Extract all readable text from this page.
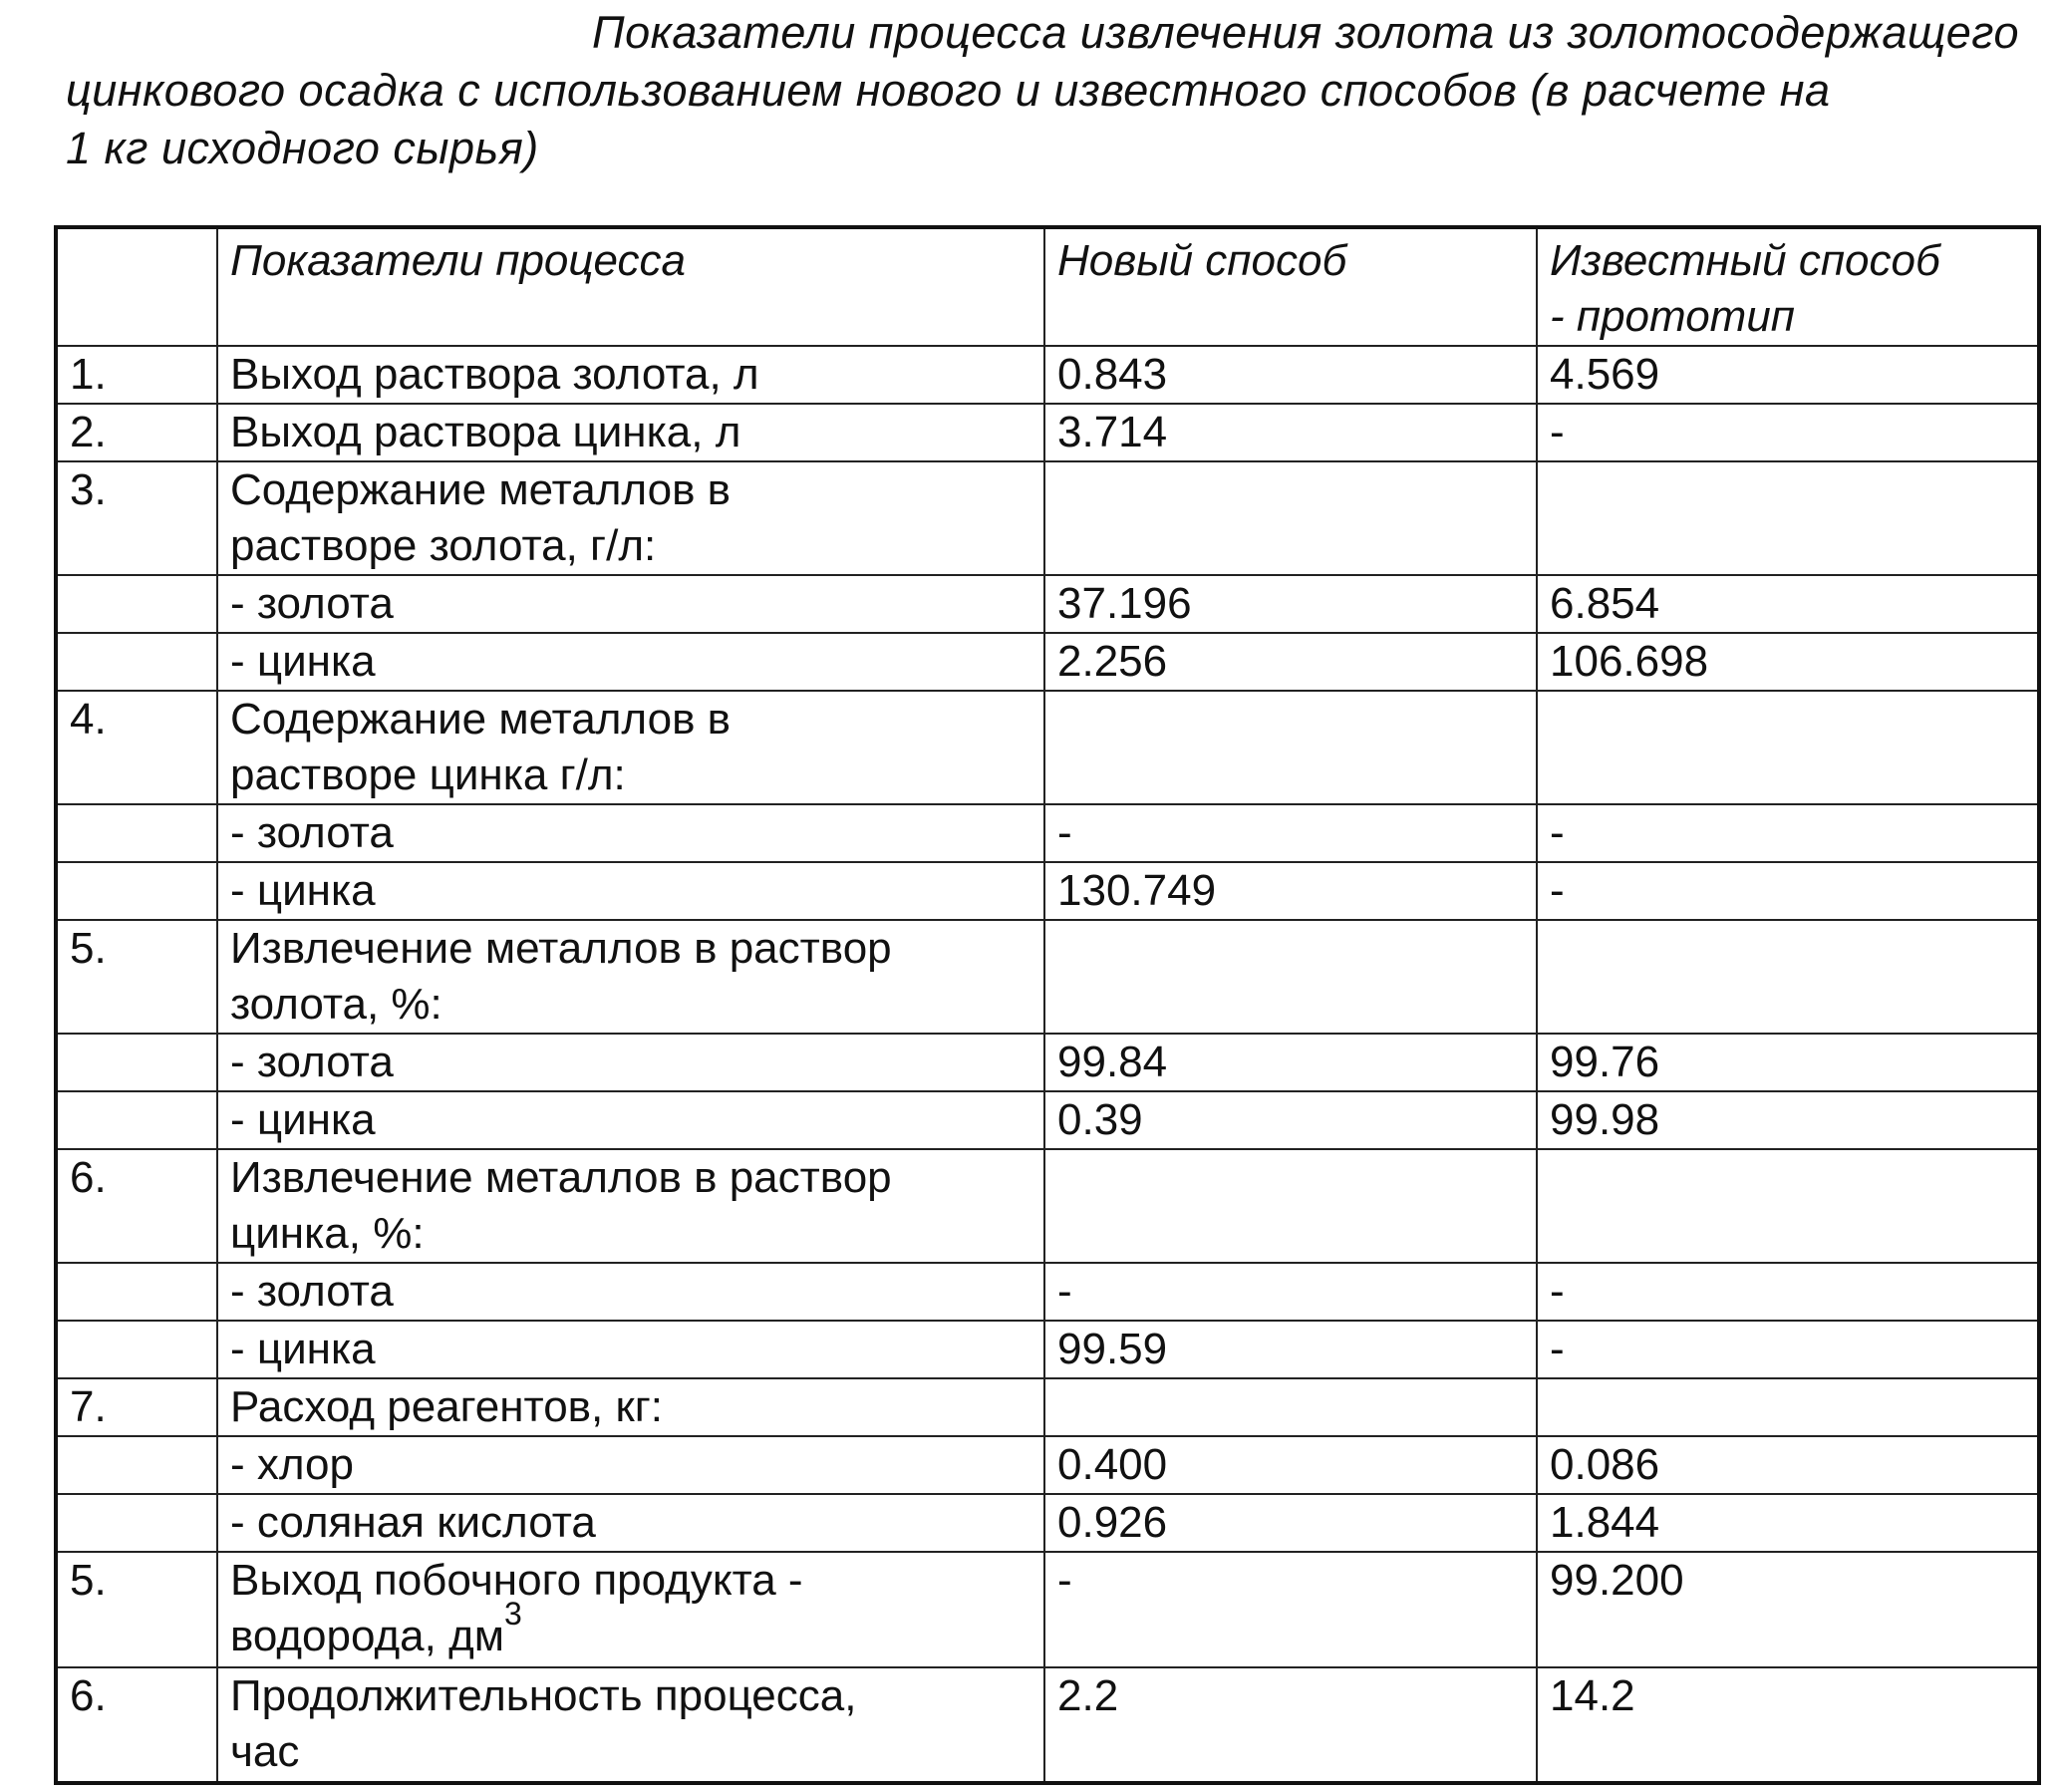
Показатели процесса извлечения золота из золотосодержащего
цинкового осадка с использованием нового и известного способов (в расчете на
1 кг исходного сырья)
	Показатели процесса	Новый способ	Известный способ
- прототип
1.	Выход раствора золота, л	0.843	4.569
2.	Выход раствора цинка, л	3.714	-
3.	Содержание металлов в
растворе золота, г/л:		
	- золота	37.196	6.854
	- цинка	2.256	106.698
4.	Содержание металлов в
растворе цинка г/л:		
	- золота	-	-
	- цинка	130.749	-
5.	Извлечение металлов в раствор
золота, %:		
	- золота	99.84	99.76
	- цинка	0.39	99.98
6.	Извлечение металлов в раствор
цинка, %:		
	- золота	-	-
	- цинка	99.59	-
7.	Расход реагентов, кг:		
	- хлор	0.400	0.086
	- соляная кислота	0.926	1.844
5.	Выход побочного продукта -
водорода, $дм^3$	-	99.200
6.	Продолжительность процесса,
час	2.2	14.2
